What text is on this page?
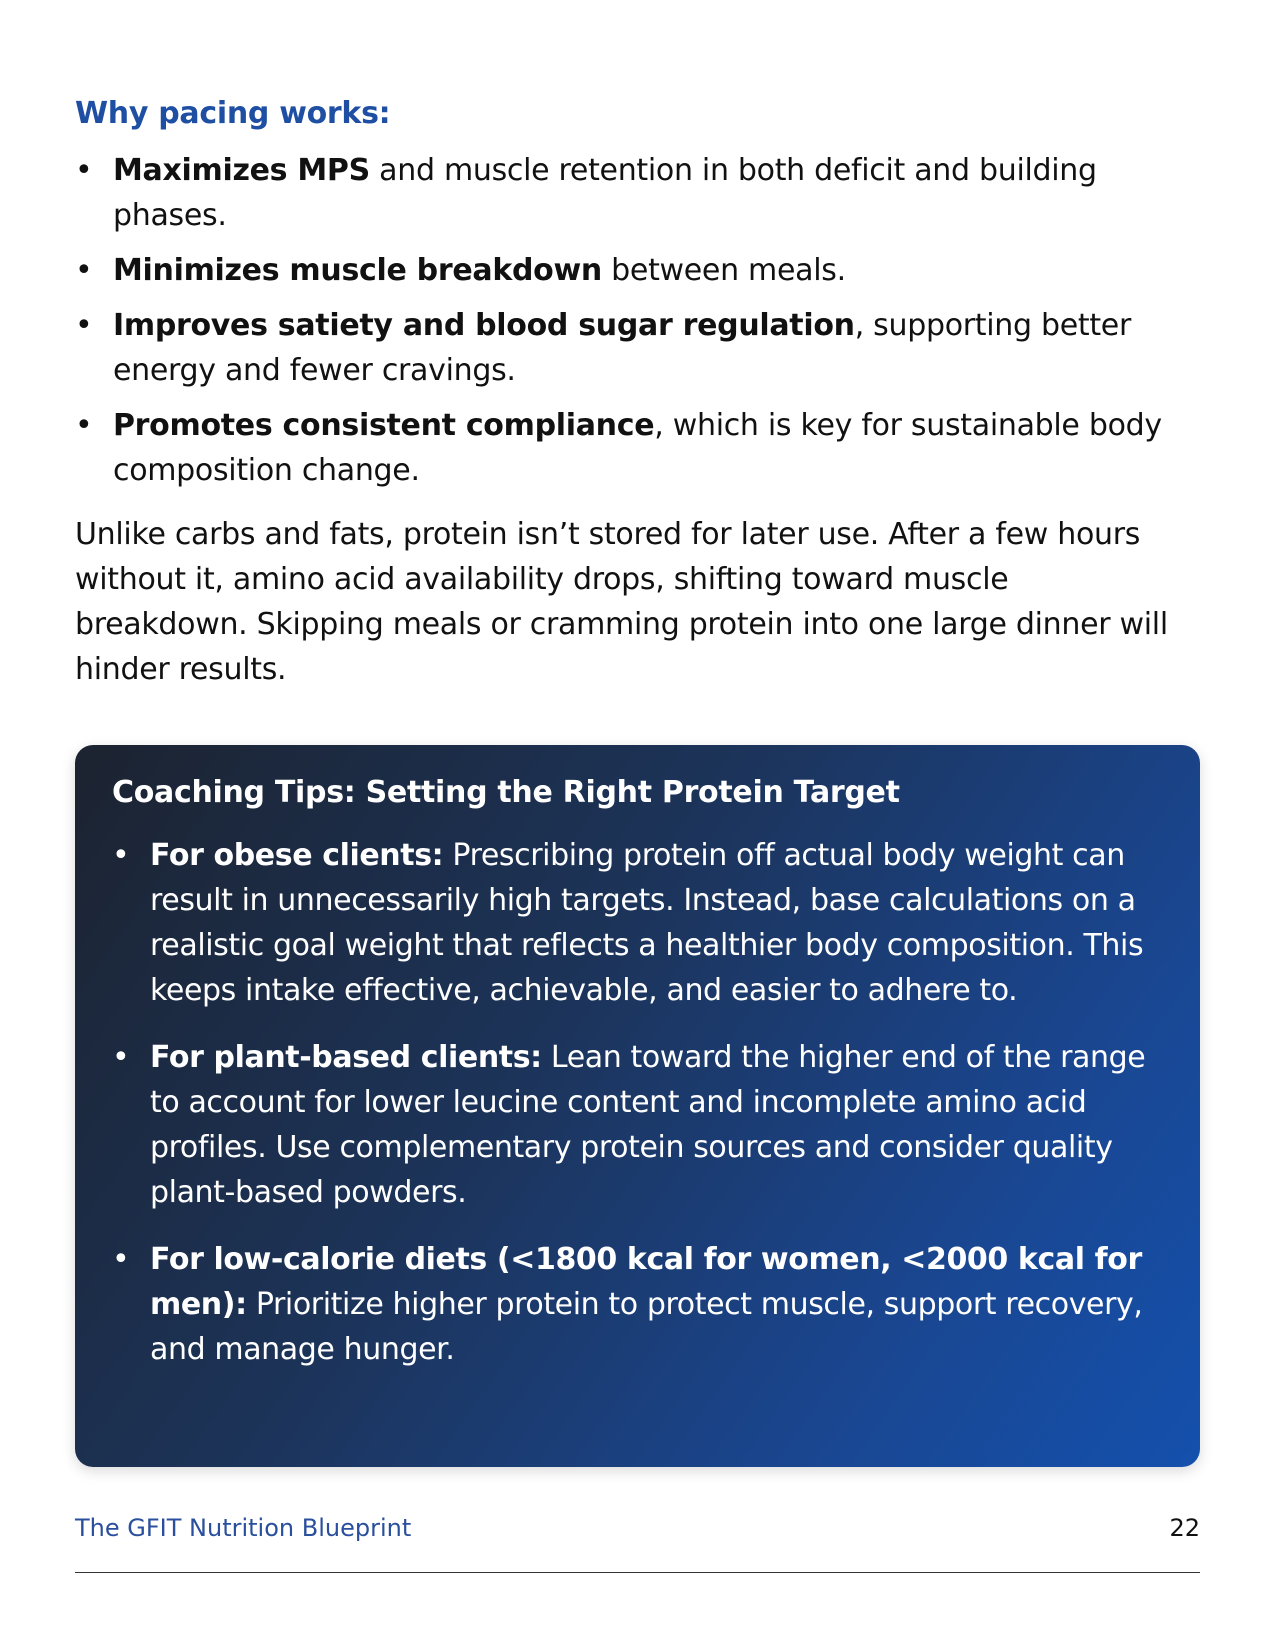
Why pacing works:
• Maximizes MPS and muscle retention in both deficit and building phases.
• Minimizes muscle breakdown between meals.
• Improves satiety and blood sugar regulation, supporting better energy and fewer cravings.
• Promotes consistent compliance, which is key for sustainable body composition change.

Unlike carbs and fats, protein isn’t stored for later use. After a few hours without it, amino acid availability drops, shifting toward muscle breakdown. Skipping meals or cramming protein into one large dinner will hinder results.

Coaching Tips: Setting the Right Protein Target
• For obese clients: Prescribing protein off actual body weight can result in unnecessarily high targets. Instead, base calculations on a realistic goal weight that reflects a healthier body composition. This keeps intake effective, achievable, and easier to adhere to.
• For plant-based clients: Lean toward the higher end of the range to account for lower leucine content and incomplete amino acid profiles. Use complementary protein sources and consider quality plant-based powders.
• For low-calorie diets (<1800 kcal for women, <2000 kcal for men): Prioritize higher protein to protect muscle, support recovery, and manage hunger.
The GFIT Nutrition Blueprint	22
